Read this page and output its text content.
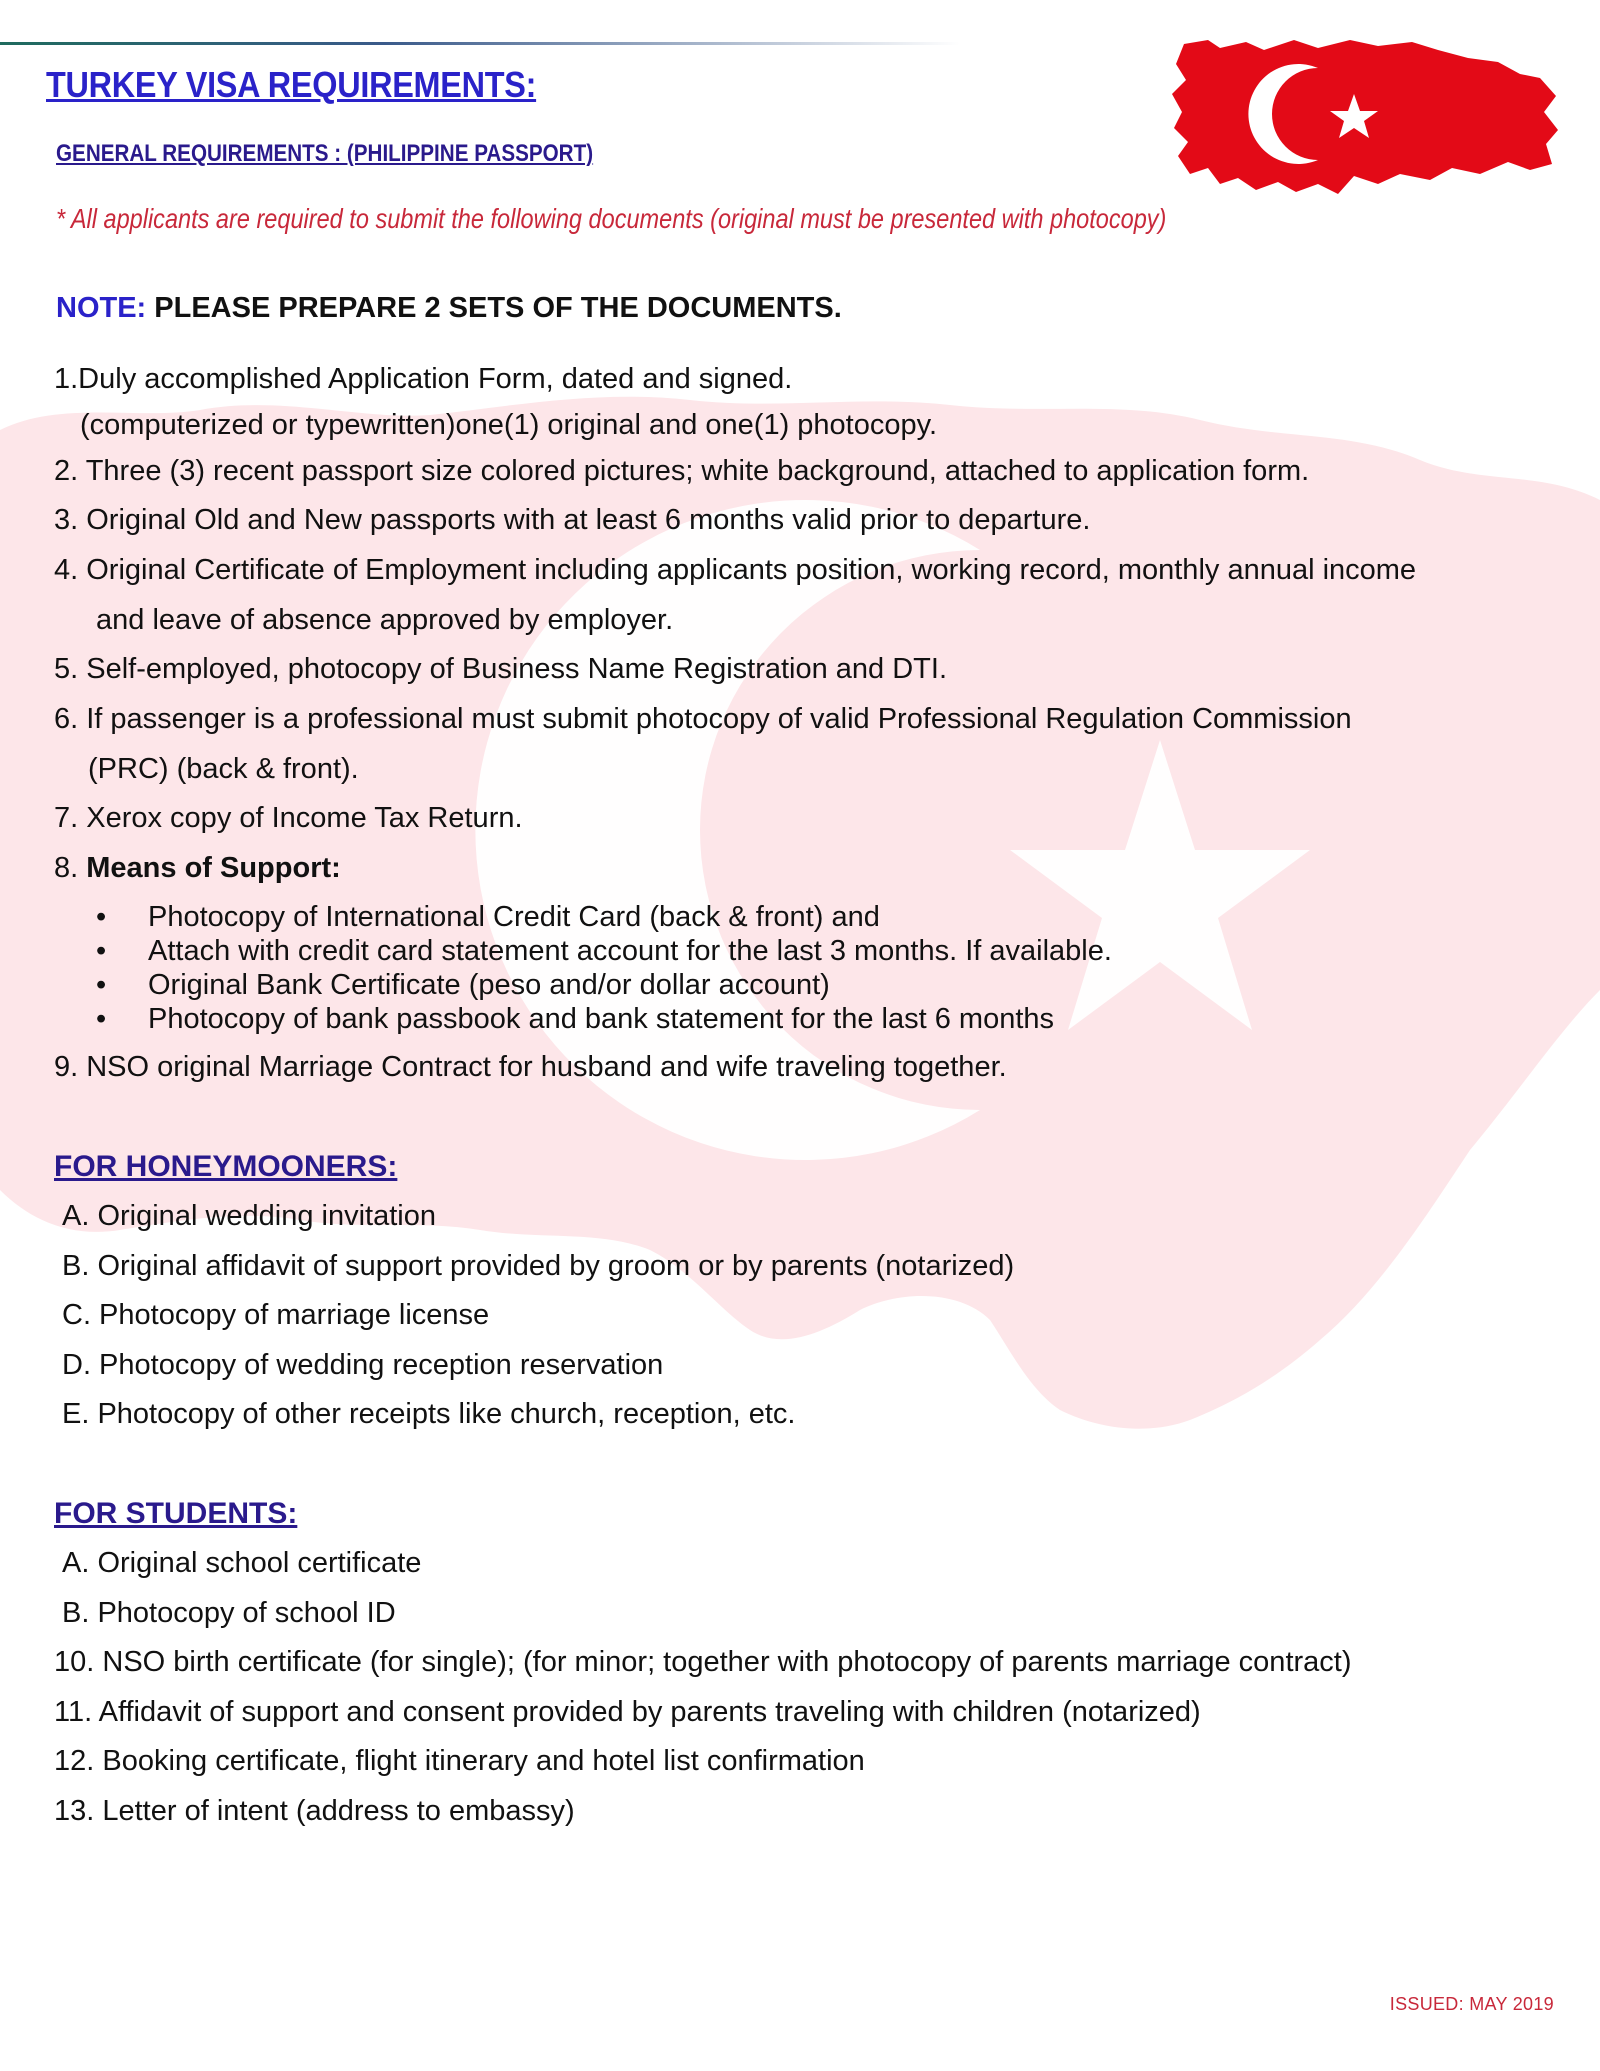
TURKEY VISA REQUIREMENTS:
GENERAL REQUIREMENTS : (PHILIPPINE PASSPORT)

* All applicants are required to submit the following documents (original must be presented with photocopy)

NOTE: PLEASE PREPARE 2 SETS OF THE DOCUMENTS.

1.Duly accomplished Application Form, dated and signed.

(computerized or typewritten)one(1) original and one(1) photocopy.

2. Three (3) recent passport size colored pictures; white background, attached to application form.

3. Original Old and New passports with at least 6 months valid prior to departure.

4. Original Certificate of Employment including applicants position, working record, monthly annual income

and leave of absence approved by employer.

5. Self-employed, photocopy of Business Name Registration and DTI.

6. If passenger is a professional must submit photocopy of valid Professional Regulation Commission

(PRC) (back & front).

7. Xerox copy of Income Tax Return.

8. Means of Support:

• Photocopy of International Credit Card (back & front) and
• Attach with credit card statement account for the last 3 months. If available.
• Original Bank Certificate (peso and/or dollar account)
• Photocopy of bank passbook and bank statement for the last 6 months

9. NSO original Marriage Contract for husband and wife traveling together.

FOR HONEYMOONERS:

A. Original wedding invitation

B. Original affidavit of support provided by groom or by parents (notarized)

C. Photocopy of marriage license

D. Photocopy of wedding reception reservation

E. Photocopy of other receipts like church, reception, etc.

FOR STUDENTS:

A. Original school certificate

B. Photocopy of school ID

10. NSO birth certificate (for single); (for minor; together with photocopy of parents marriage contract)

11. Affidavit of support and consent provided by parents traveling with children (notarized)

12. Booking certificate, flight itinerary and hotel list confirmation

13. Letter of intent (address to embassy)

ISSUED: MAY 2019
